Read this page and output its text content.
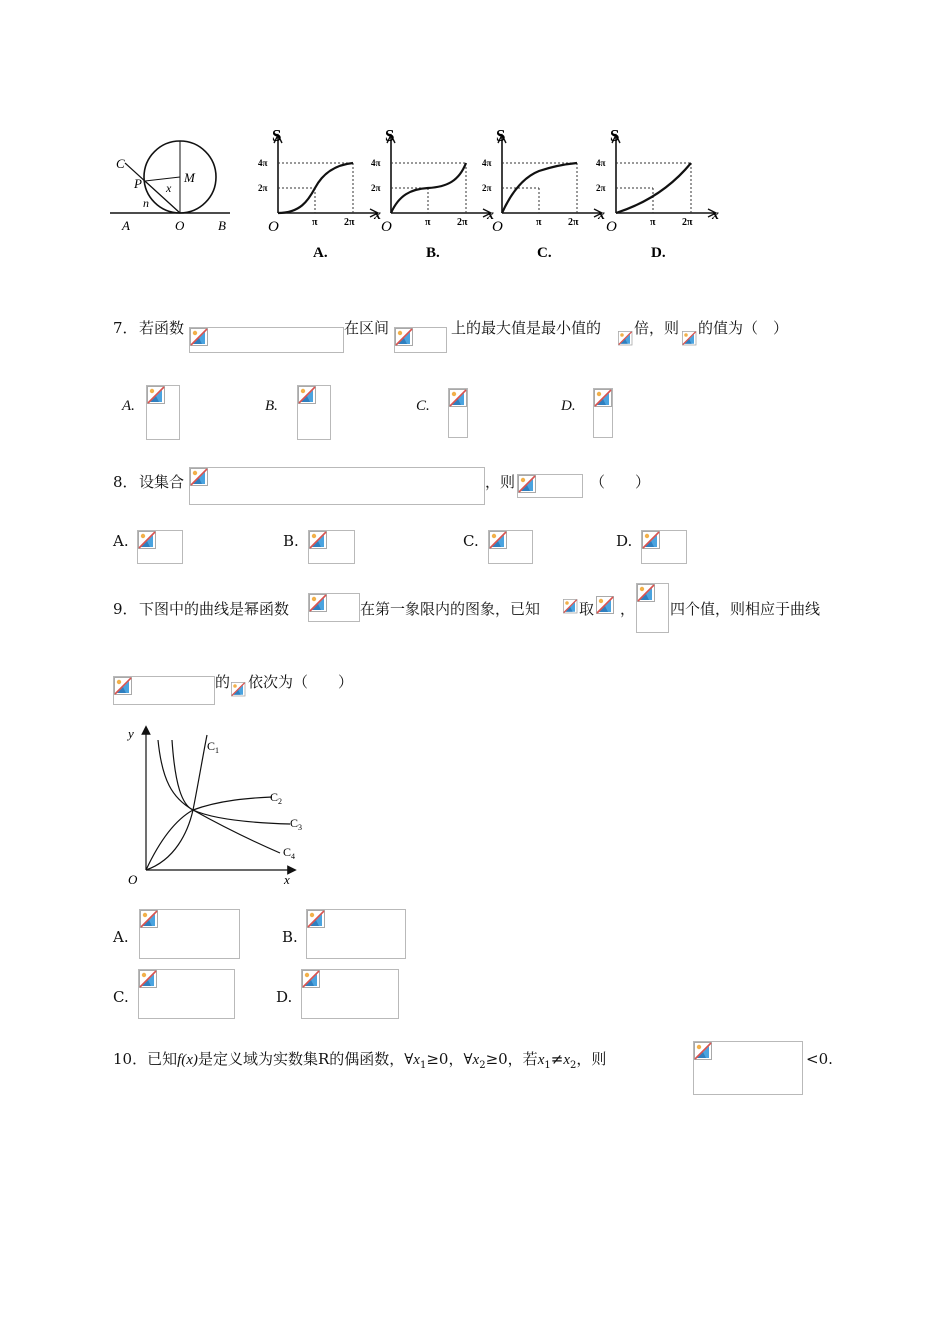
C
P	M
x
n
A	O	B
S
O
x
4π
2π
π	2π
A.
S
O
x
4π
2π
π	2π
B.
S
O
x
4π
2π
π	2π
C.
S
O
x
4π
2π
π	2π
D.
7． 若函数	在区间	上的最大值是最小值的 倍，则 的值为（　）
A.	B.	C.	D.
8． 设集合	，则	（　　）
A.	B.	C.	D.
9． 下图中的曲线是幂函数	在第一象限内的图象，已知	取 ， 四个值，则相应于曲线
的 依次为（　　）
y
x
O
$C_1$
$C_2$
$C_3$
$C_4$
A.	B.
C.	D.
10．已知f(x)是定义域为实数集R的偶函数，$\forall x_1\ge 0$，$\forall x_2\ge 0$，若$x_1\ne x_2$，则	<0.
